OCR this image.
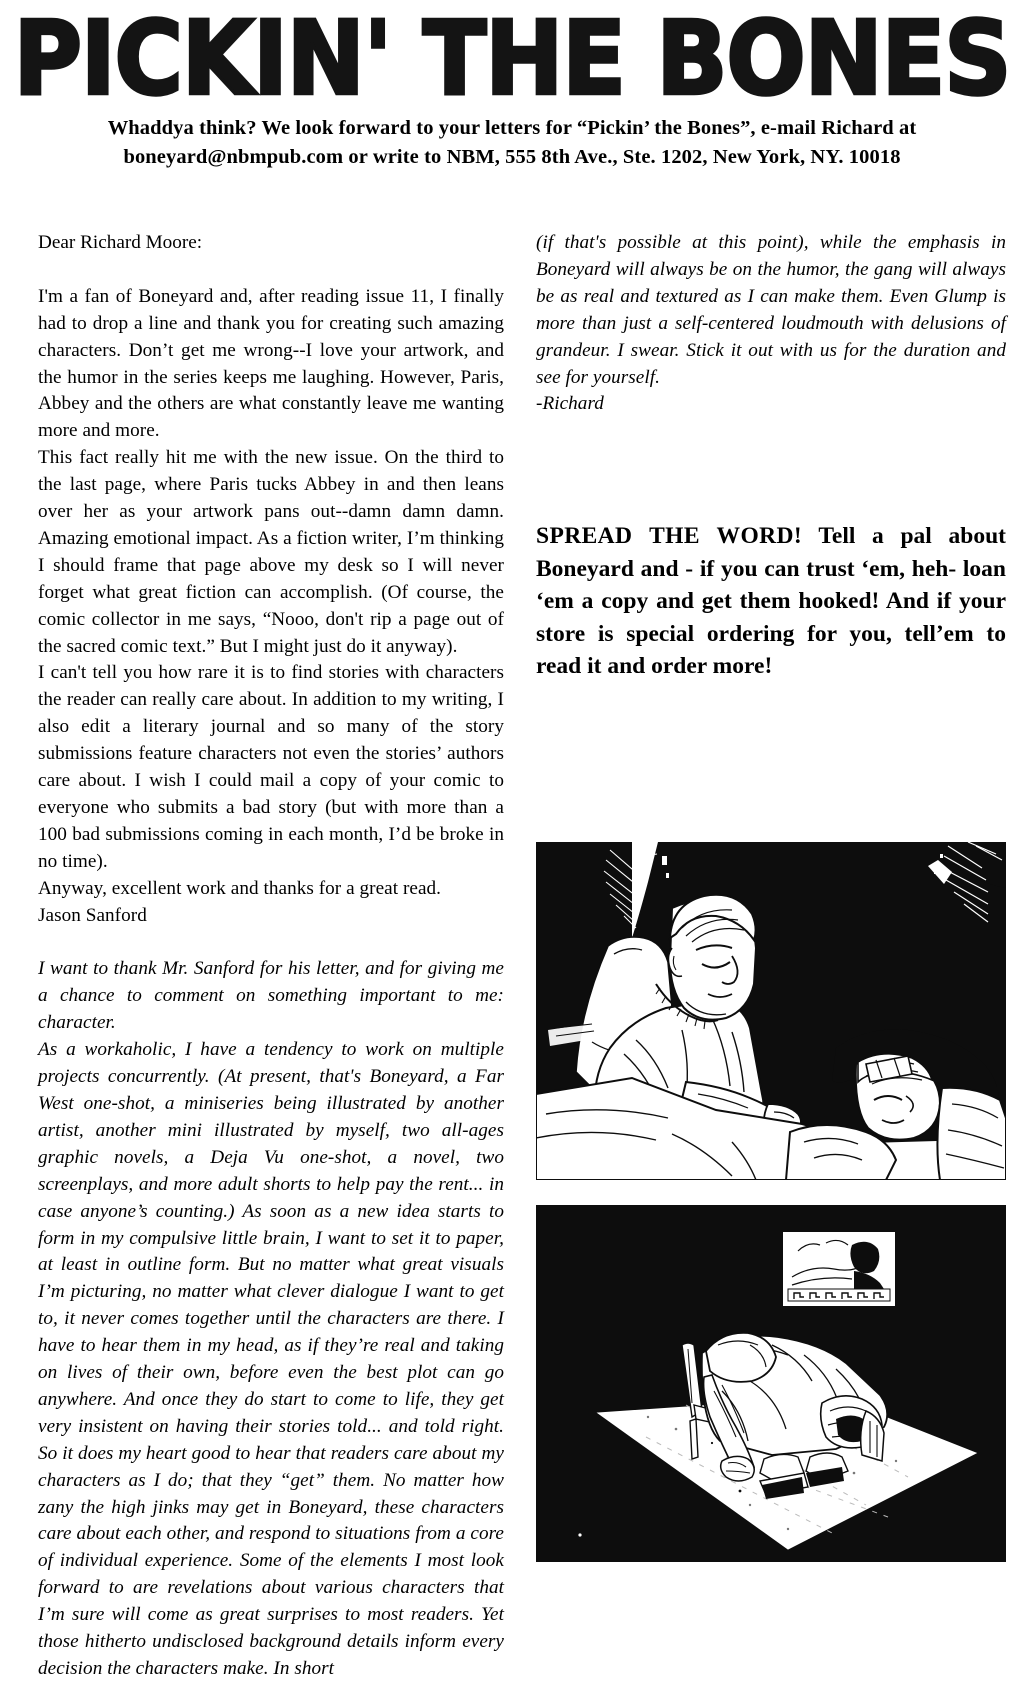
PICKIN' THE BONES
Whaddya think? We look forward to your letters for “Pickin’ the Bones”, e-mail Richard at
boneyard@nbmpub.com or write to NBM, 555 8th Ave., Ste. 1202, New York, NY. 10018

Dear Richard Moore:

I'm a fan of Boneyard and, after reading issue 11, I finally had to drop a line and thank you for creating such amazing characters. Don’t get me wrong--I love your artwork, and the humor in the series keeps me laughing. However, Paris, Abbey and the others are what constantly leave me wanting more and more.

This fact really hit me with the new issue. On the third to the last page, where Paris tucks Abbey in and then leans over her as your artwork pans out--damn damn damn. Amazing emotional impact. As a fiction writer, I’m thinking I should frame that page above my desk so I will never forget what great fiction can accomplish. (Of course, the comic collector in me says, “Nooo, don't rip a page out of the sacred comic text.” But I might just do it anyway).

I can't tell you how rare it is to find stories with characters the reader can really care about. In addition to my writing, I also edit a literary journal and so many of the story submissions feature characters not even the stories’ authors care about. I wish I could mail a copy of your comic to everyone who submits a bad story (but with more than a 100 bad submissions coming in each month, I’d be broke in no time).

Anyway, excellent work and thanks for a great read.

Jason Sanford

I want to thank Mr. Sanford for his letter, and for giving me a chance to comment on something important to me: character.

As a workaholic, I have a tendency to work on multiple projects concurrently. (At present, that's Boneyard, a Far West one-shot, a miniseries being illustrated by another artist, another mini illustrated by myself, two all-ages graphic novels, a Deja Vu one-shot, a novel, two screenplays, and more adult shorts to help pay the rent... in case anyone’s counting.) As soon as a new idea starts to form in my compulsive little brain, I want to set it to paper, at least in outline form. But no matter what great visuals I’m picturing, no matter what clever dialogue I want to get to, it never comes together until the characters are there. I have to hear them in my head, as if they’re real and taking on lives of their own, before even the best plot can go anywhere. And once they do start to come to life, they get very insistent on having their stories told... and told right. So it does my heart good to hear that readers care about my characters as I do; that they “get” them. No matter how zany the high jinks may get in Boneyard, these characters care about each other, and respond to situations from a core of individual experience. Some of the elements I most look forward to are revelations about various characters that I’m sure will come as great surprises to most readers. Yet those hitherto undisclosed background details inform every decision the characters make. In short

(if that's possible at this point), while the emphasis in Boneyard will always be on the humor, the gang will always be as real and textured as I can make them. Even Glump is more than just a self-centered loudmouth with delusions of grandeur. I swear. Stick it out with us for the duration and see for yourself.

-Richard

SPREAD THE WORD! Tell a pal about Boneyard and - if you can trust ‘em, heh- loan ‘em a copy and get them hooked! And if your store is special ordering for you, tell’em to read it and order more!
